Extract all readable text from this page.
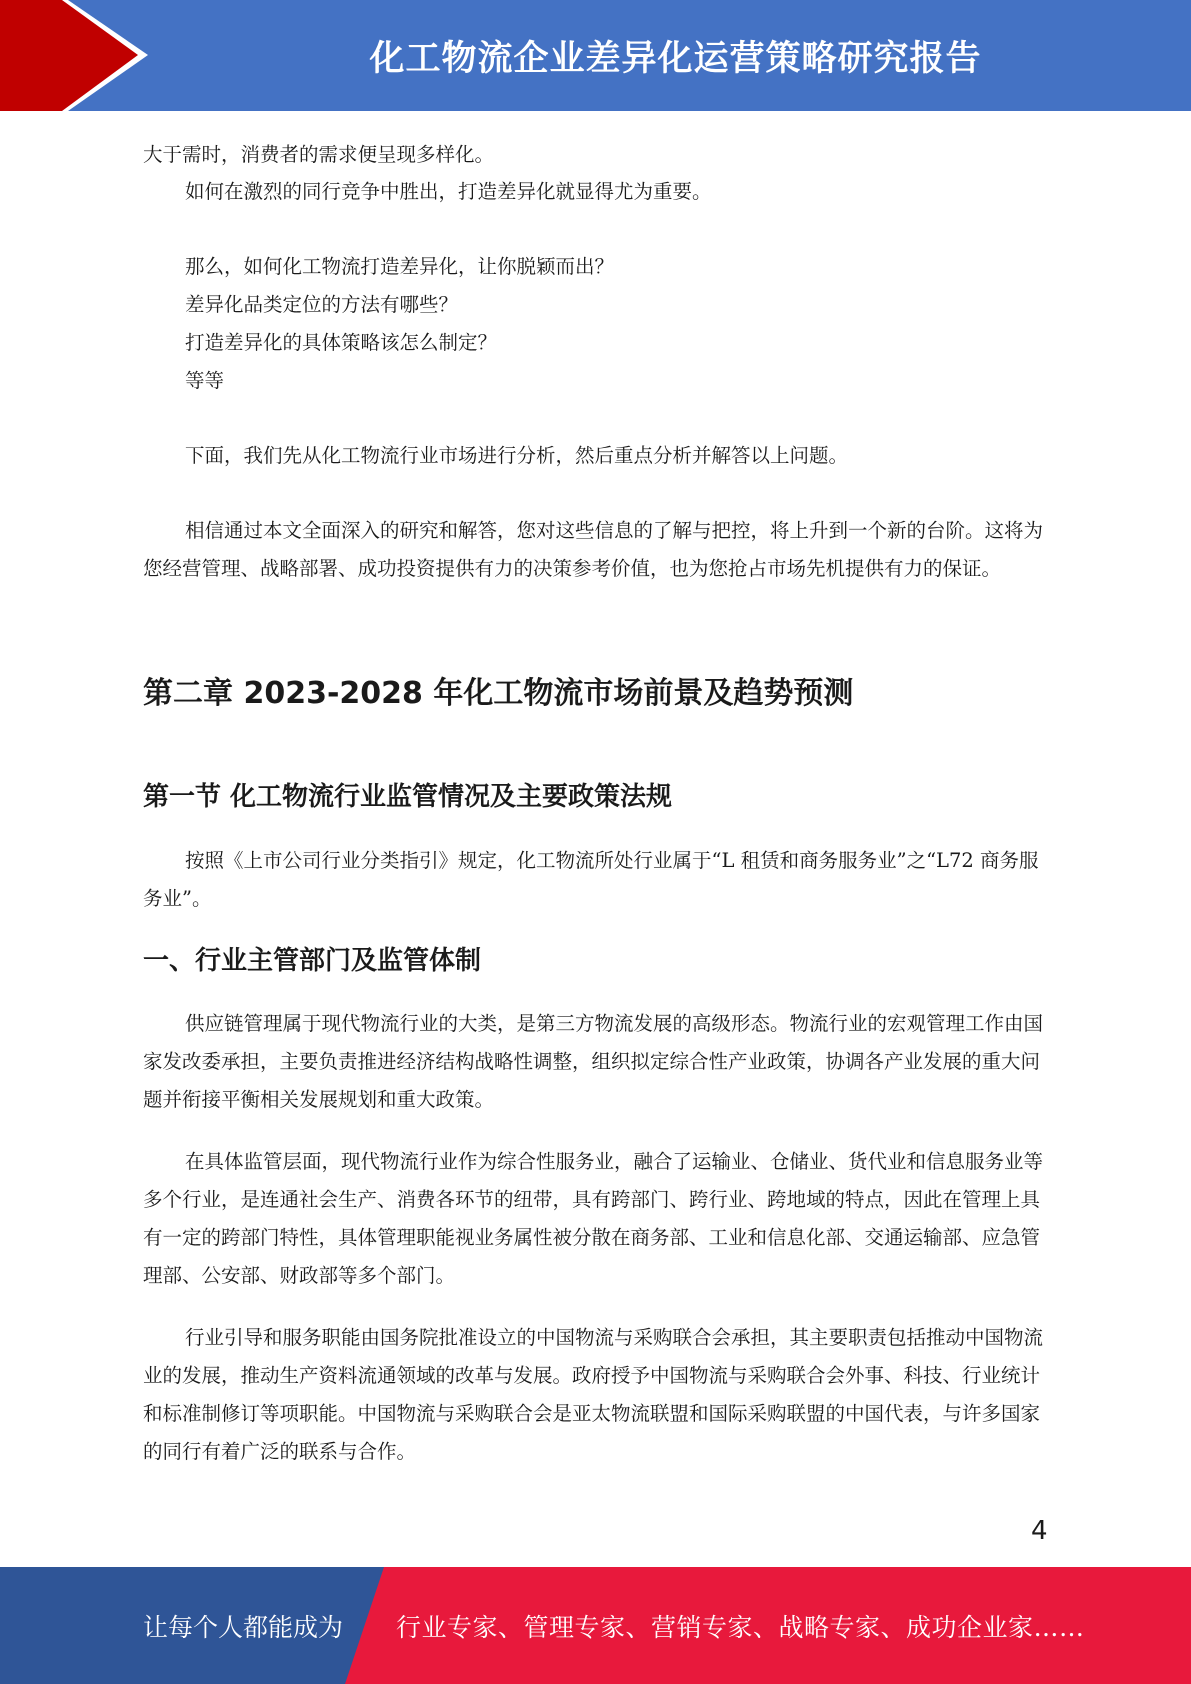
化工物流企业差异化运营策略研究报告

大于需时，消费者的需求便呈现多样化。

如何在激烈的同行竞争中胜出，打造差异化就显得尤为重要。

那么，如何化工物流打造差异化，让你脱颖而出？

差异化品类定位的方法有哪些？

打造差异化的具体策略该怎么制定？

等等

下面，我们先从化工物流行业市场进行分析，然后重点分析并解答以上问题。

相信通过本文全面深入的研究和解答，您对这些信息的了解与把控，将上升到一个新的台阶。这将为您经营管理、战略部署、成功投资提供有力的决策参考价值，也为您抢占市场先机提供有力的保证。

第二章 2023-2028 年化工物流市场前景及趋势预测
第一节 化工物流行业监管情况及主要政策法规

按照《上市公司行业分类指引》规定，化工物流所处行业属于“L 租赁和商务服务业”之“L72 商务服务业”。

一、行业主管部门及监管体制

供应链管理属于现代物流行业的大类，是第三方物流发展的高级形态。物流行业的宏观管理工作由国家发改委承担，主要负责推进经济结构战略性调整，组织拟定综合性产业政策，协调各产业发展的重大问题并衔接平衡相关发展规划和重大政策。

在具体监管层面，现代物流行业作为综合性服务业，融合了运输业、仓储业、货代业和信息服务业等多个行业，是连通社会生产、消费各环节的纽带，具有跨部门、跨行业、跨地域的特点，因此在管理上具有一定的跨部门特性，具体管理职能视业务属性被分散在商务部、工业和信息化部、交通运输部、应急管理部、公安部、财政部等多个部门。

行业引导和服务职能由国务院批准设立的中国物流与采购联合会承担，其主要职责包括推动中国物流业的发展，推动生产资料流通领域的改革与发展。政府授予中国物流与采购联合会外事、科技、行业统计和标准制修订等项职能。中国物流与采购联合会是亚太物流联盟和国际采购联盟的中国代表，与许多国家的同行有着广泛的联系与合作。

4
让每个人都能成为 行业专家、管理专家、营销专家、战略专家、成功企业家……
